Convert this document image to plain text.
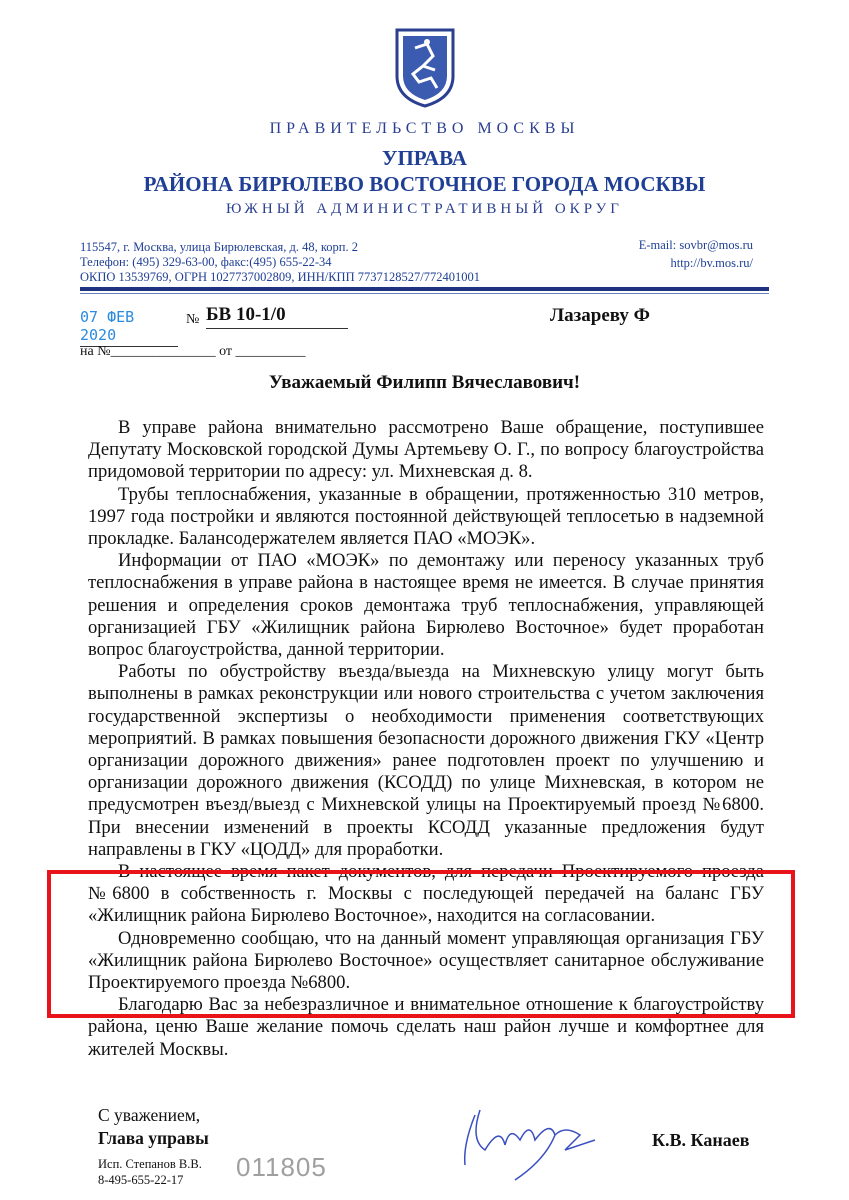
ПРАВИТЕЛЬСТВО МОСКВЫ
УПРАВА
РАЙОНА БИРЮЛЕВО ВОСТОЧНОЕ ГОРОДА МОСКВЫ
ЮЖНЫЙ АДМИНИСТРАТИВНЫЙ ОКРУГ
115547, г. Москва, улица Бирюлевская, д. 48, корп. 2
Телефон: (495) 329-63-00, факс:(495) 655-22-34
ОКПО 13539769, ОГРН 1027737002809, ИНН/КПП 7737128527/772401001
E-mail: sovbr@mos.ru
http://bv.mos.ru/
07 ФЕВ 2020
№ БВ 10-1/0	Лазареву Ф
на №_______________ от __________
Уважаемый Филипп Вячеславович!

В управе района внимательно рассмотрено Ваше обращение, поступившее Депутату Московской городской Думы Артемьеву О. Г., по вопросу благоустройства придомовой территории по адресу: ул. Михневская д. 8.

Трубы теплоснабжения, указанные в обращении, протяженностью 310 метров, 1997 года постройки и являются постоянной действующей теплосетью в надземной прокладке. Балансодержателем является ПАО «МОЭК».

Информации от ПАО «МОЭК» по демонтажу или переносу указанных труб теплоснабжения в управе района в настоящее время не имеется. В случае принятия решения и определения сроков демонтажа труб теплоснабжения, управляющей организацией ГБУ «Жилищник района Бирюлево Восточное» будет проработан вопрос благоустройства, данной территории.

Работы по обустройству въезда/выезда на Михневскую улицу могут быть выполнены в рамках реконструкции или нового строительства с учетом заключения государственной экспертизы о необходимости применения соответствующих мероприятий. В рамках повышения безопасности дорожного движения ГКУ «Центр организации дорожного движения» ранее подготовлен проект по улучшению и организации дорожного движения (КСОДД) по улице Михневская, в котором не предусмотрен въезд/выезд с Михневской улицы на Проектируемый проезд №6800. При внесении изменений в проекты КСОДД указанные предложения будут направлены в ГКУ «ЦОДД» для проработки.

В настоящее время пакет документов, для передачи Проектируемого проезда №6800 в собственность г. Москвы с последующей передачей на баланс ГБУ «Жилищник района Бирюлево Восточное», находится на согласовании.

Одновременно сообщаю, что на данный момент управляющая организация ГБУ «Жилищник района Бирюлево Восточное» осуществляет санитарное обслуживание Проектируемого проезда №6800.

Благодарю Вас за небезразличное и внимательное отношение к благоустройству района, ценю Ваше желание помочь сделать наш район лучше и комфортнее для жителей Москвы.

С уважением,
Глава управы
Исп. Степанов В.В.
8-495-655-22-17	011805
К.В. Канаев
